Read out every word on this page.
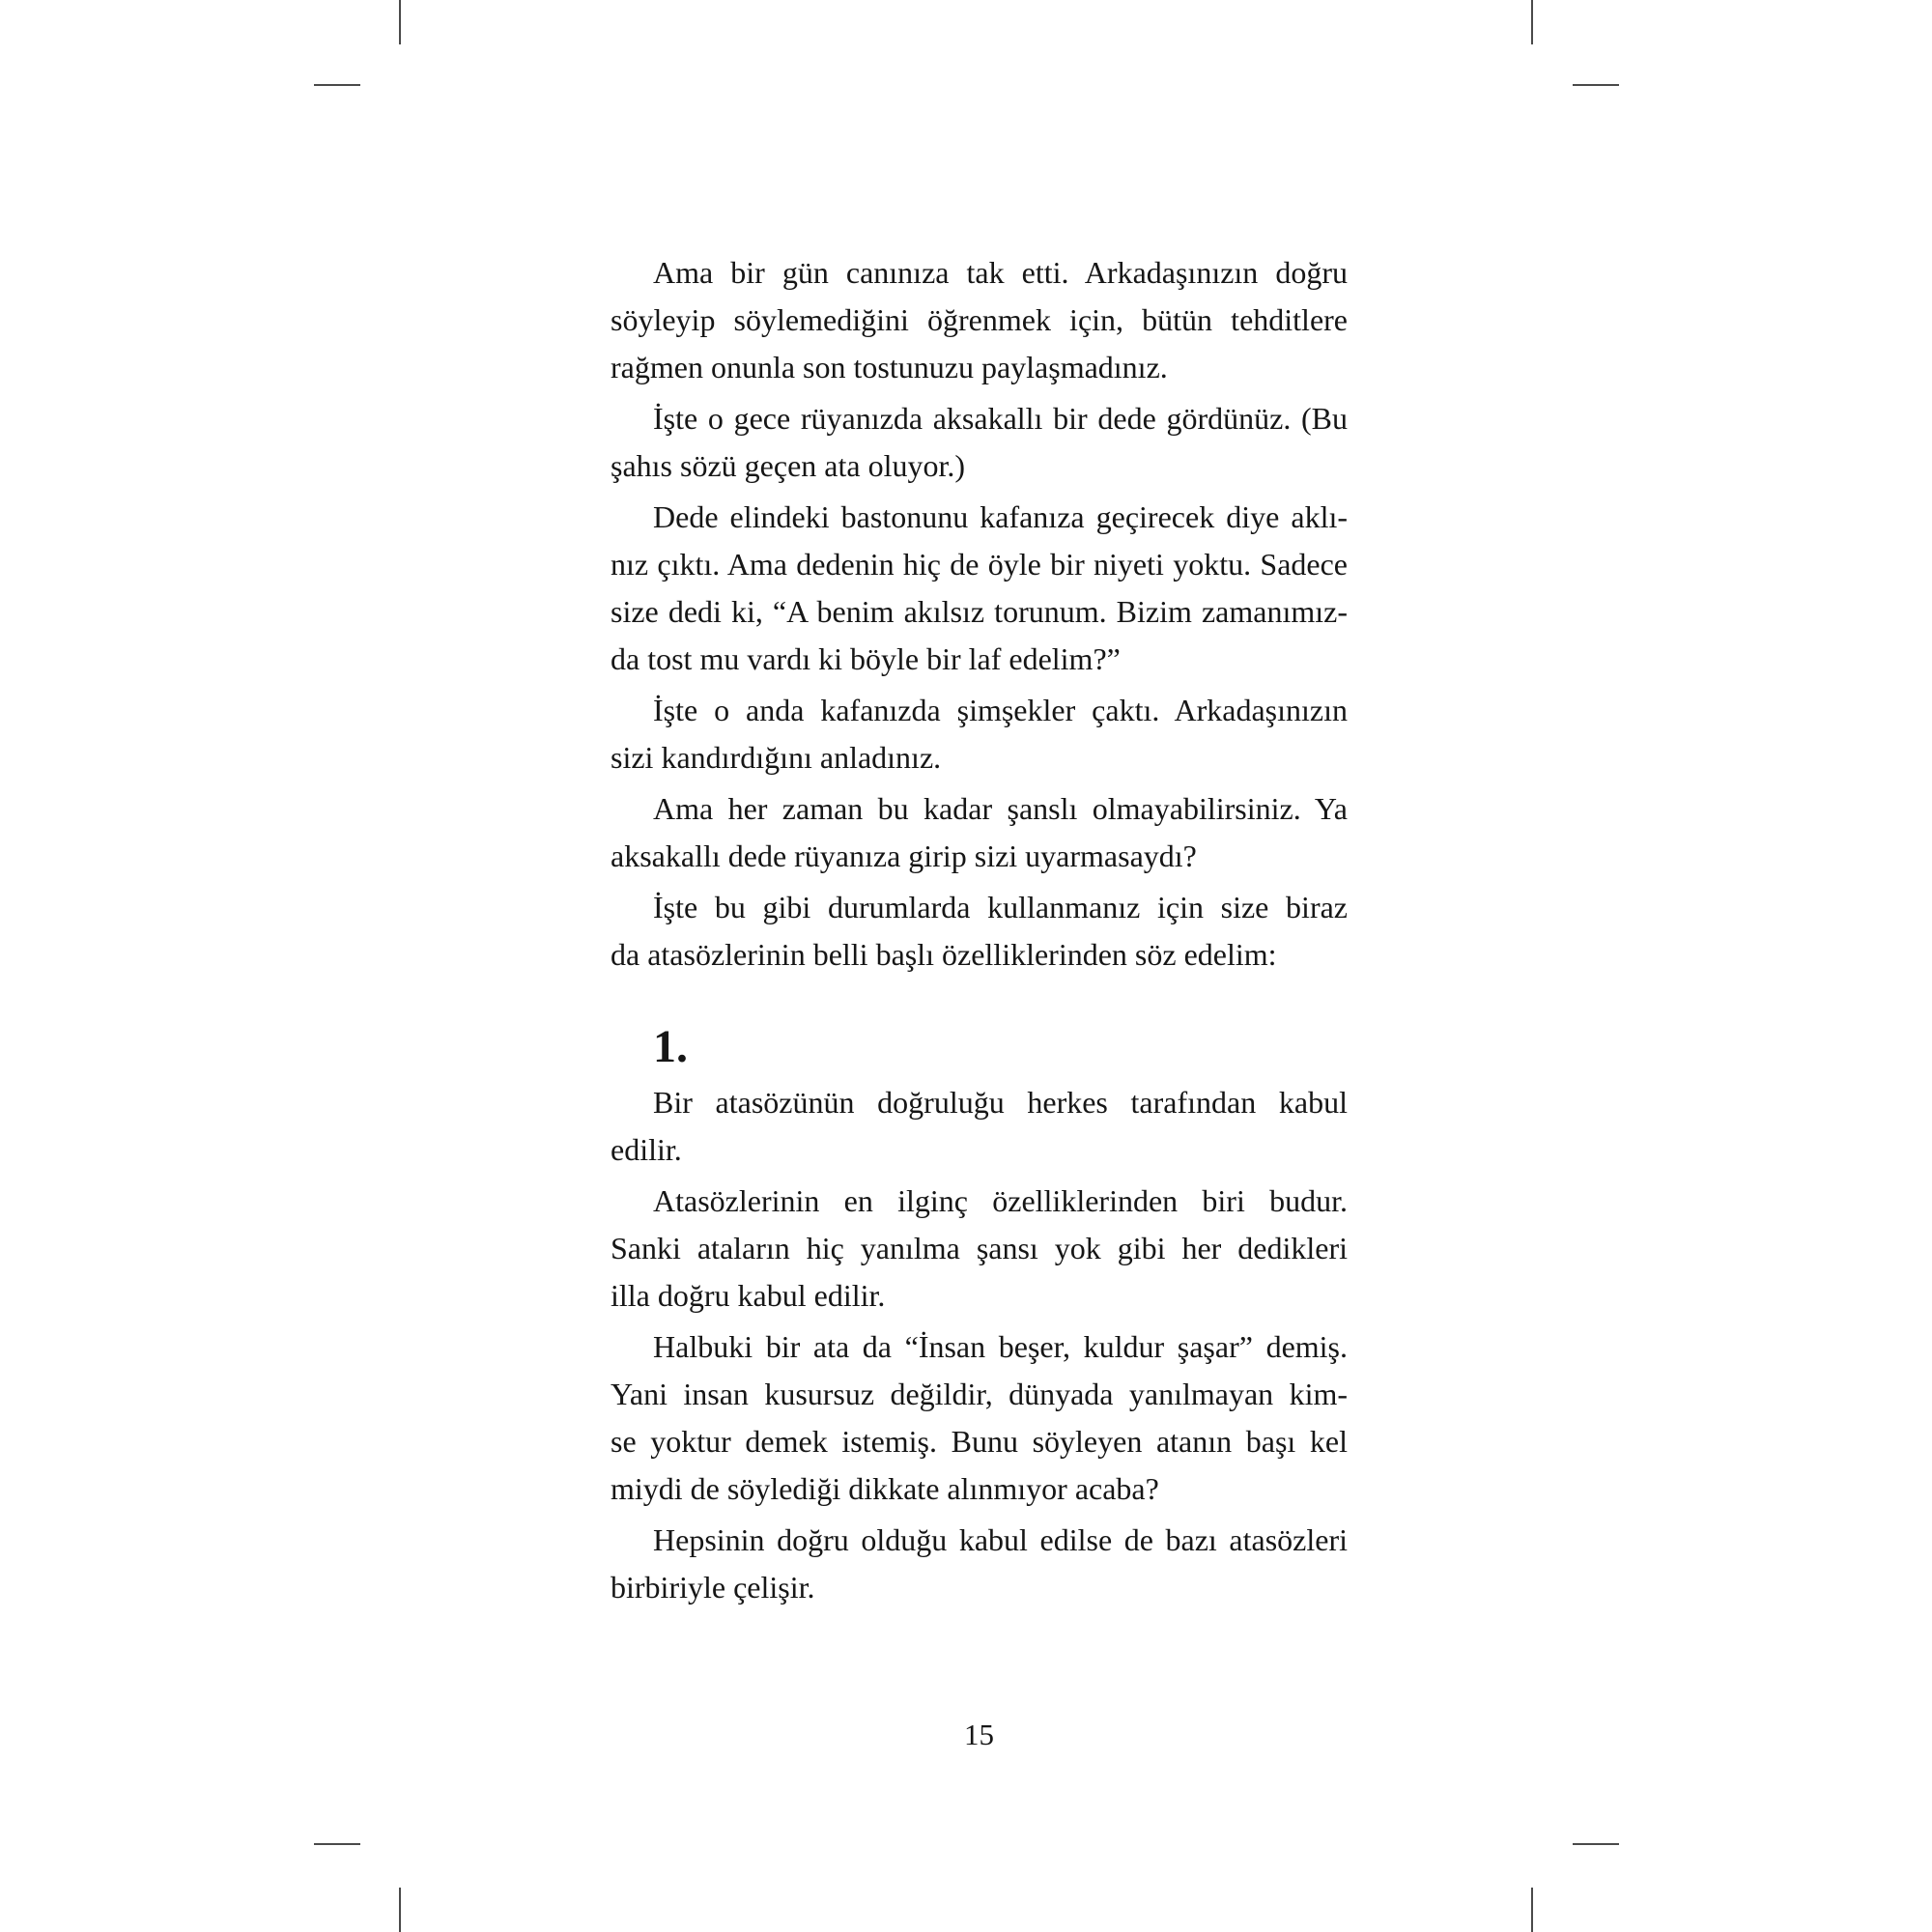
Ama bir gün canınıza tak etti. Arkadaşınızın doğru
söyleyip söylemediğini öğrenmek için, bütün tehditlere
rağmen onunla son tostunuzu paylaşmadınız.
İşte o gece rüyanızda aksakallı bir dede gördünüz. (Bu
şahıs sözü geçen ata oluyor.)
Dede elindeki bastonunu kafanıza geçirecek diye aklı-
nız çıktı. Ama dedenin hiç de öyle bir niyeti yoktu. Sadece
size dedi ki, “A benim akılsız torunum. Bizim zamanımız-
da tost mu vardı ki böyle bir laf edelim?”
İşte o anda kafanızda şimşekler çaktı. Arkadaşınızın
sizi kandırdığını anladınız.
Ama her zaman bu kadar şanslı olmayabilirsiniz. Ya
aksakallı dede rüyanıza girip sizi uyarmasaydı?
İşte bu gibi durumlarda kullanmanız için size biraz
da atasözlerinin belli başlı özelliklerinden söz edelim:
1.
Bir atasözünün doğruluğu herkes tarafından kabul
edilir.
Atasözlerinin en ilginç özelliklerinden biri budur.
Sanki ataların hiç yanılma şansı yok gibi her dedikleri
illa doğru kabul edilir.
Halbuki bir ata da “İnsan beşer, kuldur şaşar” demiş.
Yani insan kusursuz değildir, dünyada yanılmayan kim-
se yoktur demek istemiş. Bunu söyleyen atanın başı kel
miydi de söylediği dikkate alınmıyor acaba?
Hepsinin doğru olduğu kabul edilse de bazı atasözleri
birbiriyle çelişir.
15
